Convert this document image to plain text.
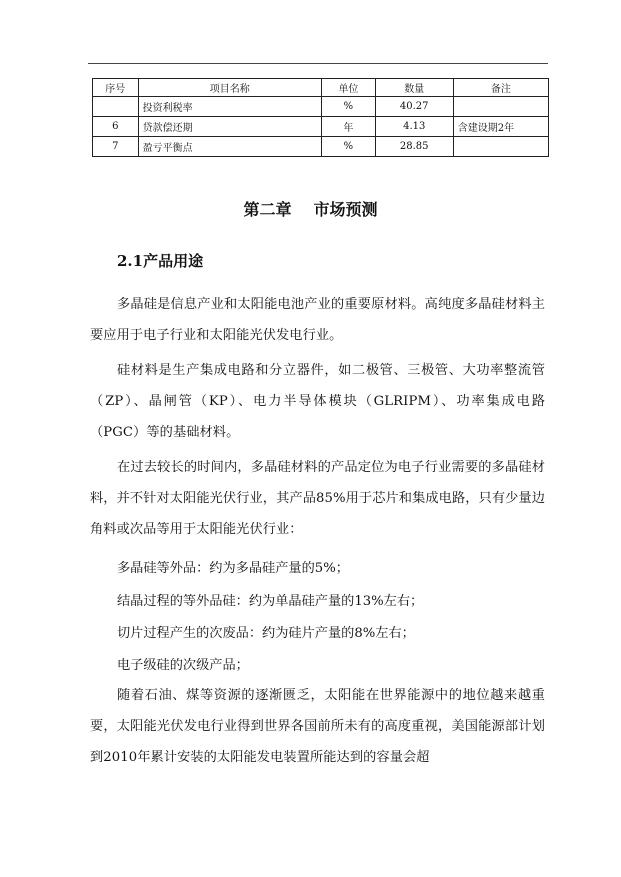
序号	项目名称	单位	数量	备注
	投资利税率	%	40.27	
6	贷款偿还期	年	4.13	含建设期2年
7	盈亏平衡点	%	28.85	
第二章 市场预测
2.1产品用途

多晶硅是信息产业和太阳能电池产业的重要原材料。高纯度多晶硅材料主要应用于电子行业和太阳能光伏发电行业。

硅材料是生产集成电路和分立器件，如二极管、三极管、大功率整流管（ZP）、晶闸管（KP）、电力半导体模块（GLRIPM）、功率集成电路（PGC）等的基础材料。

在过去较长的时间内，多晶硅材料的产品定位为电子行业需要的多晶硅材料，并不针对太阳能光伏行业，其产品85%用于芯片和集成电路，只有少量边角料或次品等用于太阳能光伏行业：

多晶硅等外品：约为多晶硅产量的5%；

结晶过程的等外品硅：约为单晶硅产量的13%左右；

切片过程产生的次废品：约为硅片产量的8%左右；

电子级硅的次级产品；

随着石油、煤等资源的逐渐匮乏，太阳能在世界能源中的地位越来越重要，太阳能光伏发电行业得到世界各国前所未有的高度重视，美国能源部计划到2010年累计安装的太阳能发电装置所能达到的容量会超
